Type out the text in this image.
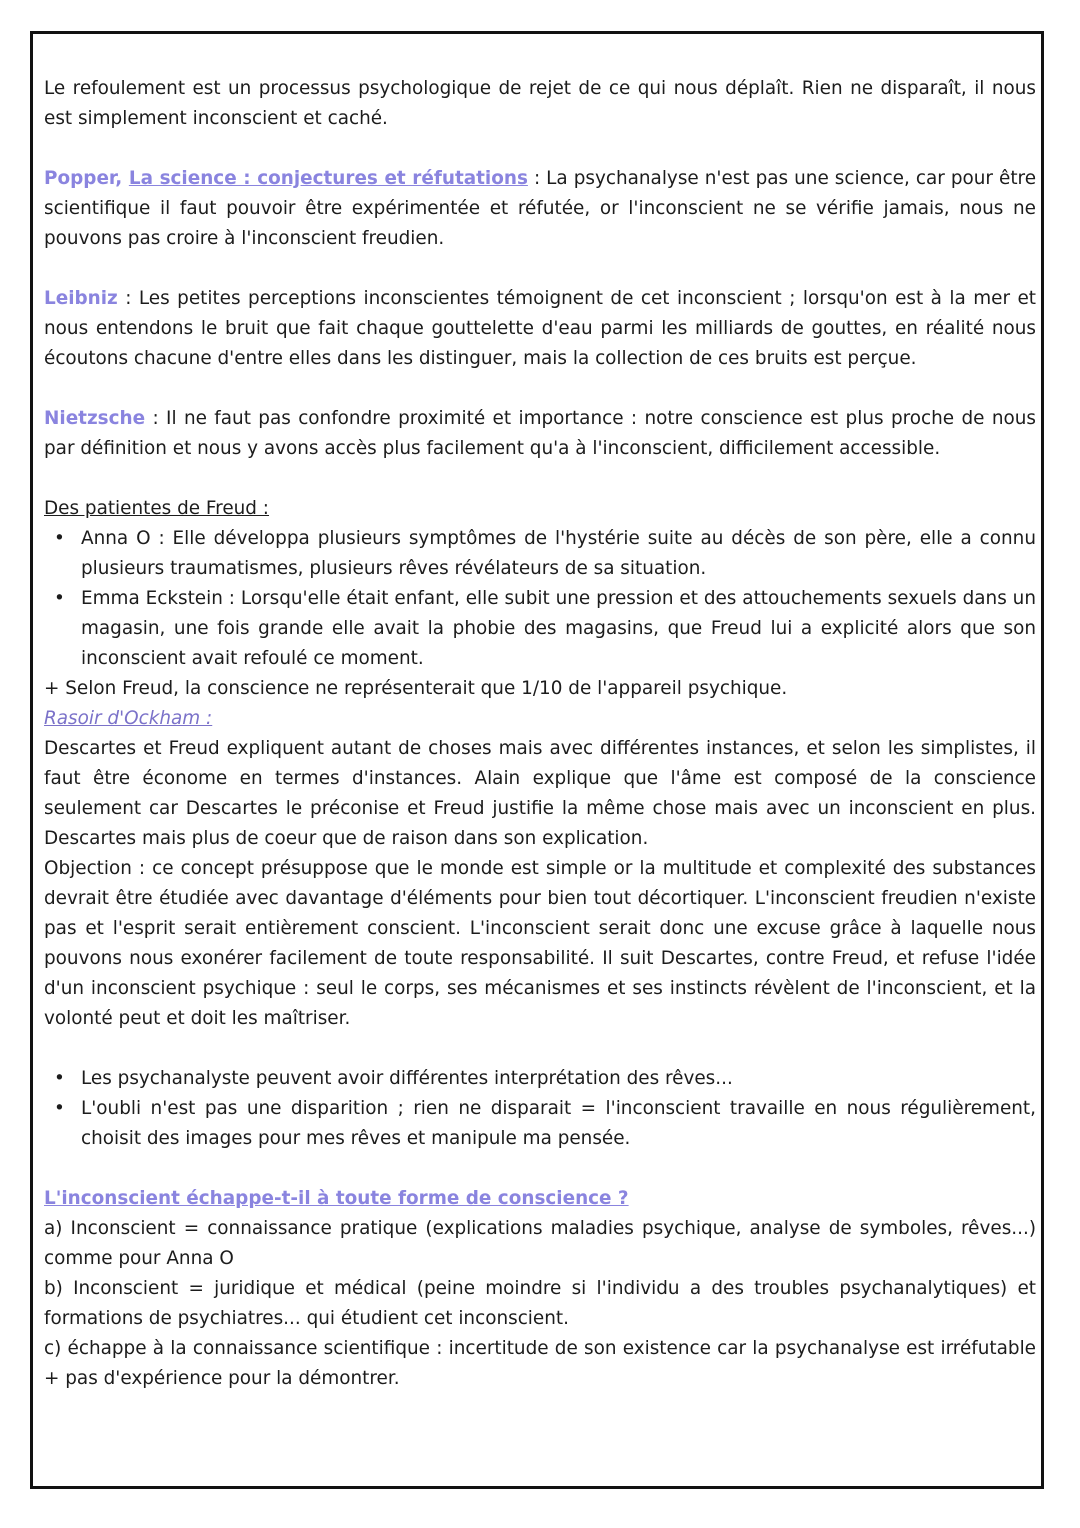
Le refoulement est un processus psychologique de rejet de ce qui nous déplaît. Rien ne disparaît, il nous est simplement inconscient et caché.

Popper, La science : conjectures et réfutations : La psychanalyse n'est pas une science, car pour être scientifique il faut pouvoir être expérimentée et réfutée, or l'inconscient ne se vérifie jamais, nous ne pouvons pas croire à l'inconscient freudien.

Leibniz : Les petites perceptions inconscientes témoignent de cet inconscient ; lorsqu'on est à la mer et nous entendons le bruit que fait chaque gouttelette d'eau parmi les milliards de gouttes, en réalité nous écoutons chacune d'entre elles dans les distinguer, mais la collection de ces bruits est perçue.

Nietzsche : Il ne faut pas confondre proximité et importance : notre conscience est plus proche de nous par définition et nous y avons accès plus facilement qu'a à l'inconscient, difficilement accessible.

Des patientes de Freud :

• Anna O : Elle développa plusieurs symptômes de l'hystérie suite au décès de son père, elle a connu plusieurs traumatismes, plusieurs rêves révélateurs de sa situation.
• Emma Eckstein : Lorsqu'elle était enfant, elle subit une pression et des attouchements sexuels dans un magasin, une fois grande elle avait la phobie des magasins, que Freud lui a explicité alors que son inconscient avait refoulé ce moment.

+ Selon Freud, la conscience ne représenterait que 1/10 de l'appareil psychique.

Rasoir d'Ockham :

Descartes et Freud expliquent autant de choses mais avec différentes instances, et selon les simplistes, il faut être économe en termes d'instances. Alain explique que l'âme est composé de la conscience seulement car Descartes le préconise et Freud justifie la même chose mais avec un inconscient en plus. Descartes mais plus de coeur que de raison dans son explication.

Objection : ce concept présuppose que le monde est simple or la multitude et complexité des substances devrait être étudiée avec davantage d'éléments pour bien tout décortiquer. L'inconscient freudien n'existe pas et l'esprit serait entièrement conscient. L'inconscient serait donc une excuse grâce à laquelle nous pouvons nous exonérer facilement de toute responsabilité. Il suit Descartes, contre Freud, et refuse l'idée d'un inconscient psychique : seul le corps, ses mécanismes et ses instincts révèlent de l'inconscient, et la volonté peut et doit les maîtriser.

• Les psychanalyste peuvent avoir différentes interprétation des rêves...
• L'oubli n'est pas une disparition ; rien ne disparait = l'inconscient travaille en nous régulièrement, choisit des images pour mes rêves et manipule ma pensée.

L'inconscient échappe-t-il à toute forme de conscience ?

a) Inconscient = connaissance pratique (explications maladies psychique, analyse de symboles, rêves...) comme pour Anna O

b) Inconscient = juridique et médical (peine moindre si l'individu a des troubles psychanalytiques) et formations de psychiatres... qui étudient cet inconscient.

c) échappe à la connaissance scientifique : incertitude de son existence car la psychanalyse est irréfutable + pas d'expérience pour la démontrer.
